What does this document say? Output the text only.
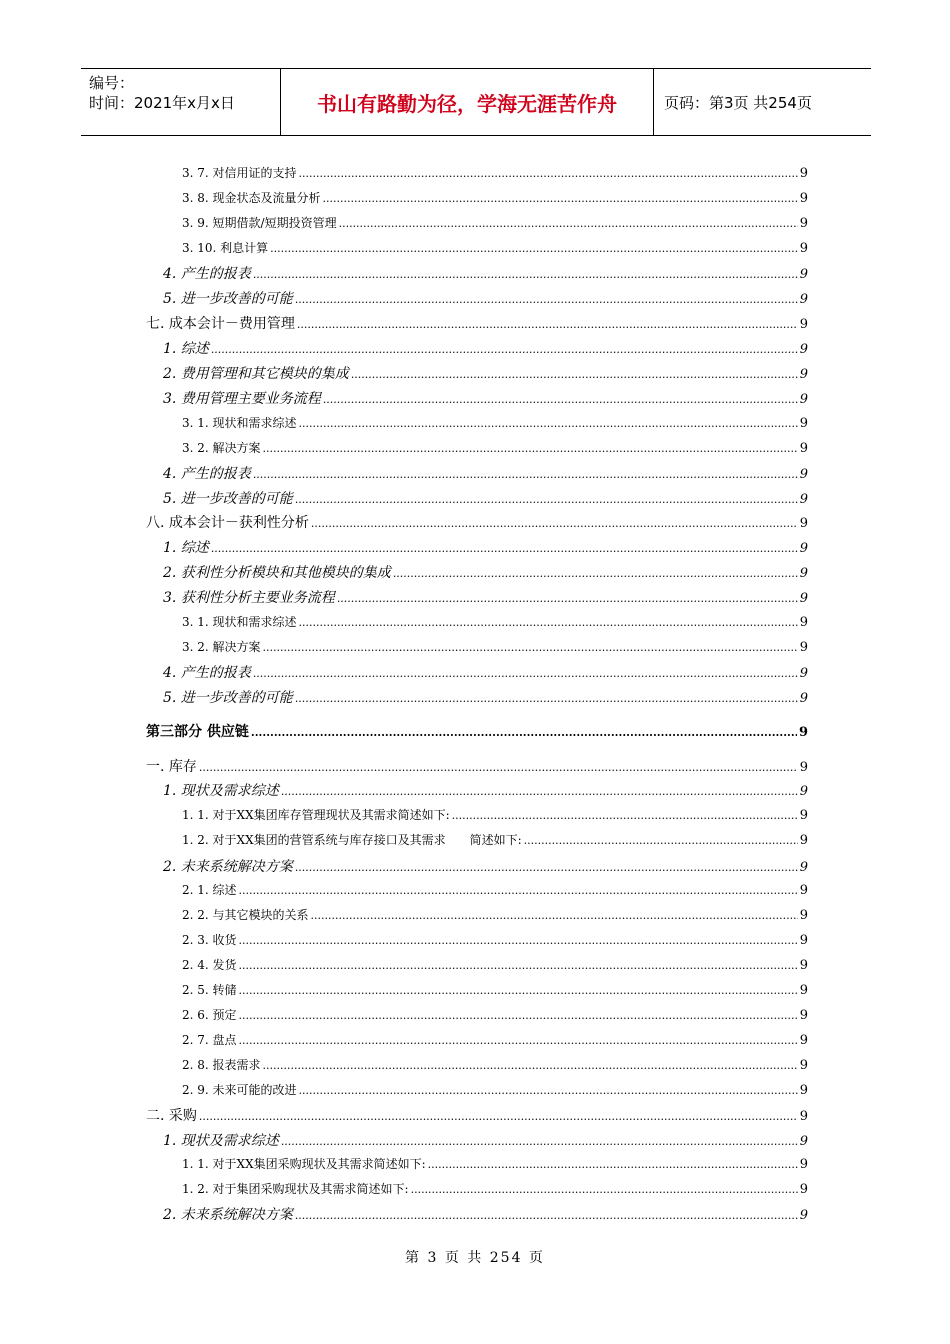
编号：
时间：2021年x月x日	书山有路勤为径，学海无涯苦作舟	页码：第3页 共254页
3. 7. 对信用证的支持 .....	9
3. 8. 现金状态及流量分析 .....	9
3. 9. 短期借款/短期投资管理 .....	9
3. 10. 利息计算 .....	9
4. 产生的报表 .....	9
5. 进一步改善的可能 .....	9
七. 成本会计－费用管理 .....	9
1. 综述 .....	9
2. 费用管理和其它模块的集成 .....	9
3. 费用管理主要业务流程 .....	9
3. 1. 现状和需求综述 .....	9
3. 2. 解决方案 .....	9
4. 产生的报表 .....	9
5. 进一步改善的可能 .....	9
八. 成本会计－获利性分析 .....	9
1. 综述 .....	9
2. 获利性分析模块和其他模块的集成 .....	9
3. 获利性分析主要业务流程 .....	9
3. 1. 现状和需求综述 .....	9
3. 2. 解决方案 .....	9
4. 产生的报表 .....	9
5. 进一步改善的可能 .....	9
第三部分 供应链 .....	9
一. 库存 .....	9
1. 现状及需求综述 .....	9
1. 1. 对于XX集团库存管理现状及其需求简述如下: .....	9
1. 2. 对于XX集团的营管系统与库存接口及其需求　　简述如下: .....	9
2. 未来系统解决方案 .....	9
2. 1. 综述 .....	9
2. 2. 与其它模块的关系 .....	9
2. 3. 收货 .....	9
2. 4. 发货 .....	9
2. 5. 转储 .....	9
2. 6. 预定 .....	9
2. 7. 盘点 .....	9
2. 8. 报表需求 .....	9
2. 9. 未来可能的改进 .....	9
二. 采购 .....	9
1. 现状及需求综述 .....	9
1. 1. 对于XX集团采购现状及其需求简述如下: .....	9
1. 2. 对于集团采购现状及其需求简述如下: .....	9
2. 未来系统解决方案 .....	9
第 3 页 共 254 页
